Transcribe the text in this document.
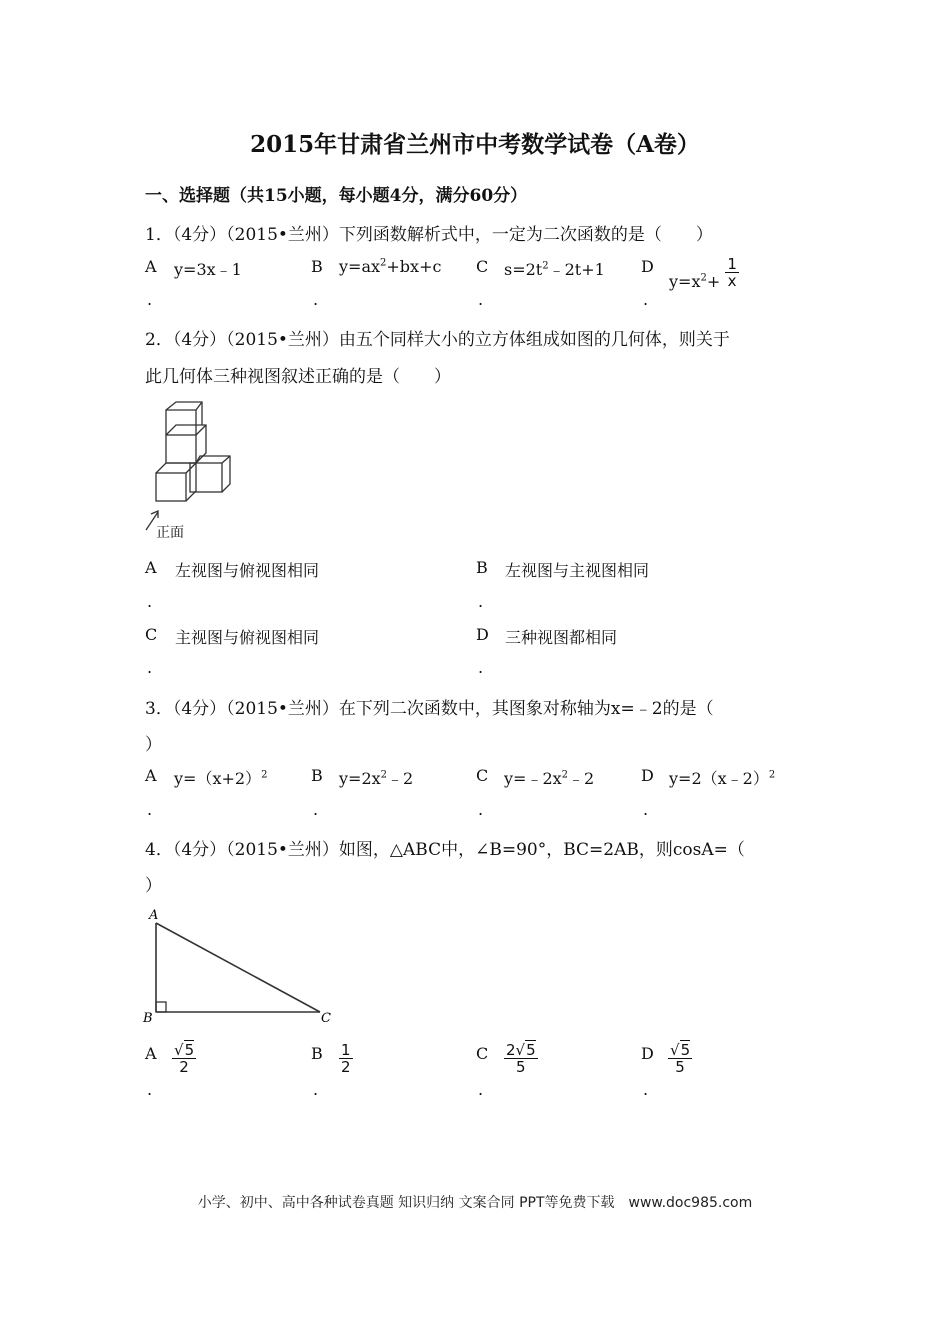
2015年甘肃省兰州市中考数学试卷（A卷）
一、选择题（共15小题，每小题4分，满分60分）
1．（4分）（2015•兰州）下列函数解析式中，一定为二次函数的是（　　）
A y=3x﹣1	B $y=ax^2+bx+c$ C $s=2t^2﹣2t+1$ D
$y=x^2+ \frac{1}{x}$
.	.	.	.
2．（4分）（2015•兰州）由五个同样大小的立方体组成如图的几何体，则关于
此几何体三种视图叙述正确的是（　　）
正面
A 左视图与俯视图相同	B 左视图与主视图相同
.	.
C 主视图与俯视图相同	D 三种视图都相同
.	.
3．（4分）（2015•兰州）在下列二次函数中，其图象对称轴为x=﹣2的是（
）
A $y=(x+2)^2$	B $y=2x^2﹣2$	C $y=﹣2x^2﹣2$	D y=2（x﹣2）$^2$
.	.	.	.
4．（4分）（2015•兰州）如图，△ABC中，∠B=90°，BC=2AB，则cosA=（
）
A
B	C
A $\frac{√5}{2}$	B $\frac{1}{2}$	C $\frac{2√5}{5}$	D $\frac{√5}{5}$
.	.	.	.
小学、初中、高中各种试卷真题 知识归纳 文案合同 PPT等免费下载　www.doc985.com
